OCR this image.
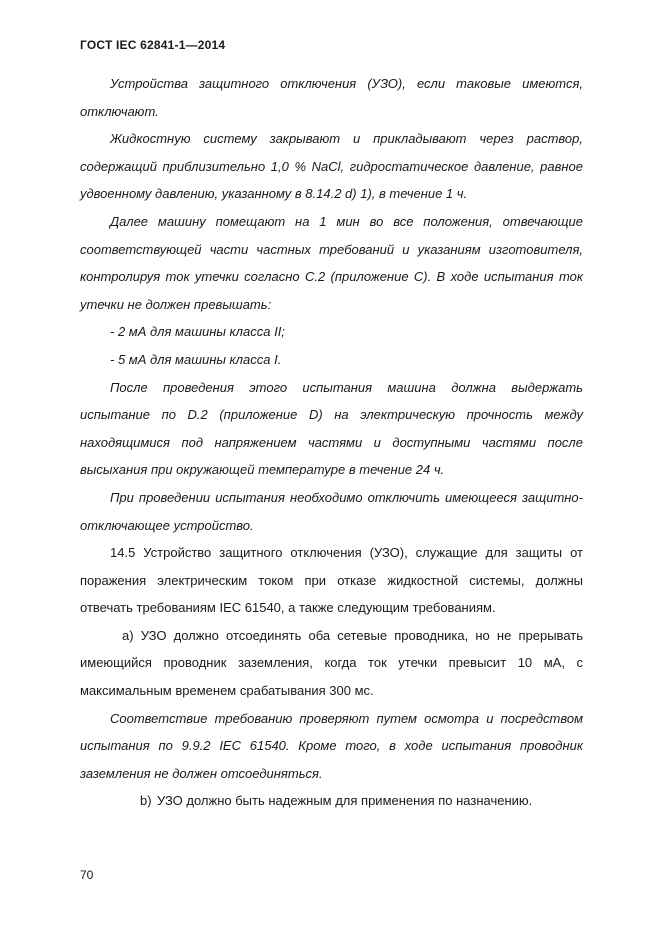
ГОСТ IEC 62841-1—2014

Устройства защитного отключения (УЗО), если таковые имеются, отключают.

Жидкостную систему закрывают и прикладывают через раствор, содержащий приблизительно 1,0 % NaCl, гидростатическое давление, равное удвоенному давлению, указанному в 8.14.2 d) 1), в течение 1 ч.

Далее машину помещают на 1 мин во все положения, отвечающие соответствующей части частных требований и указаниям изготовителя, контролируя ток утечки согласно С.2 (приложение С). В ходе испытания ток утечки не должен превышать:

- 2 мА для машины класса II;

- 5 мА для машины класса I.

После проведения этого испытания машина должна выдержать испытание по D.2 (приложение D) на электрическую прочность между находящимися под напряжением частями и доступными частями после высыхания при окружающей температуре в течение 24 ч.

При проведении испытания необходимо отключить имеющееся защитно-отключающее устройство.

14.5 Устройство защитного отключения (УЗО), служащие для защиты от поражения электрическим током при отказе жидкостной системы, должны отвечать требованиям IEC 61540, а также следующим требованиям.

a) УЗО должно отсоединять оба сетевые проводника, но не прерывать имеющийся проводник заземления, когда ток утечки превысит 10 мА, с максимальным временем срабатывания 300 мс.

Соответствие требованию проверяют путем осмотра и посредством испытания по 9.9.2 IEC 61540. Кроме того, в ходе испытания проводник заземления не должен отсоединяться.

b) УЗО должно быть надежным для применения по назначению.

70
